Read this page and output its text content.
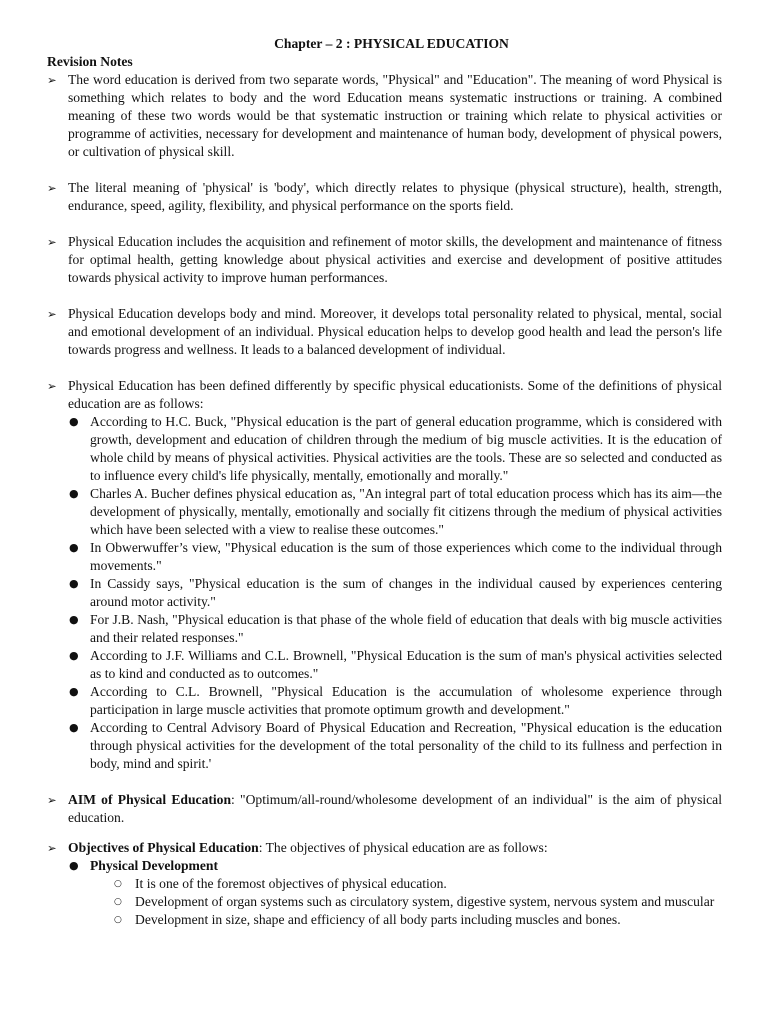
Chapter – 2 : PHYSICAL EDUCATION

Revision Notes

➢ The word education is derived from two separate words, "Physical" and "Education". The meaning of word Physical is something which relates to body and the word Education means systematic instructions or training. A combined meaning of these two words would be that systematic instruction or training which relate to physical activities or programme of activities, necessary for development and maintenance of human body, development of physical powers, or cultivation of physical skill.
➢ The literal meaning of 'physical' is 'body', which directly relates to physique (physical structure), health, strength, endurance, speed, agility, flexibility, and physical performance on the sports field.
➢ Physical Education includes the acquisition and refinement of motor skills, the development and maintenance of fitness for optimal health, getting knowledge about physical activities and exercise and development of positive attitudes towards physical activity to improve human performances.
➢ Physical Education develops body and mind. Moreover, it develops total personality related to physical, mental, social and emotional development of an individual. Physical education helps to develop good health and lead the person's life towards progress and wellness. It leads to a balanced development of individual.
➢ Physical Education has been defined differently by specific physical educationists. Some of the definitions of physical education are as follows:
● According to H.C. Buck, "Physical education is the part of general education programme, which is considered with growth, development and education of children through the medium of big muscle activities. It is the education of whole child by means of physical activities. Physical activities are the tools. These are so selected and conducted as to influence every child's life physically, mentally, emotionally and morally."
● Charles A. Bucher defines physical education as, "An integral part of total education process which has its aim—the development of physically, mentally, emotionally and socially fit citizens through the medium of physical activities which have been selected with a view to realise these outcomes."
● In Obwerwuffer’s view, "Physical education is the sum of those experiences which come to the individual through movements."
● In Cassidy says, "Physical education is the sum of changes in the individual caused by experiences centering around motor activity."
● For J.B. Nash, "Physical education is that phase of the whole field of education that deals with big muscle activities and their related responses."
● According to J.F. Williams and C.L. Brownell, "Physical Education is the sum of man's physical activities selected as to kind and conducted as to outcomes."
● According to C.L. Brownell, "Physical Education is the accumulation of wholesome experience through participation in large muscle activities that promote optimum growth and development."
● According to Central Advisory Board of Physical Education and Recreation, "Physical education is the education through physical activities for the development of the total personality of the child to its fullness and perfection in body, mind and spirit.'
➢ AIM of Physical Education: "Optimum/all-round/wholesome development of an individual" is the aim of physical education.
➢ Objectives of Physical Education: The objectives of physical education are as follows:
● Physical Development
○ It is one of the foremost objectives of physical education.
○ Development of organ systems such as circulatory system, digestive system, nervous system and muscular
○ Development in size, shape and efficiency of all body parts including muscles and bones.
